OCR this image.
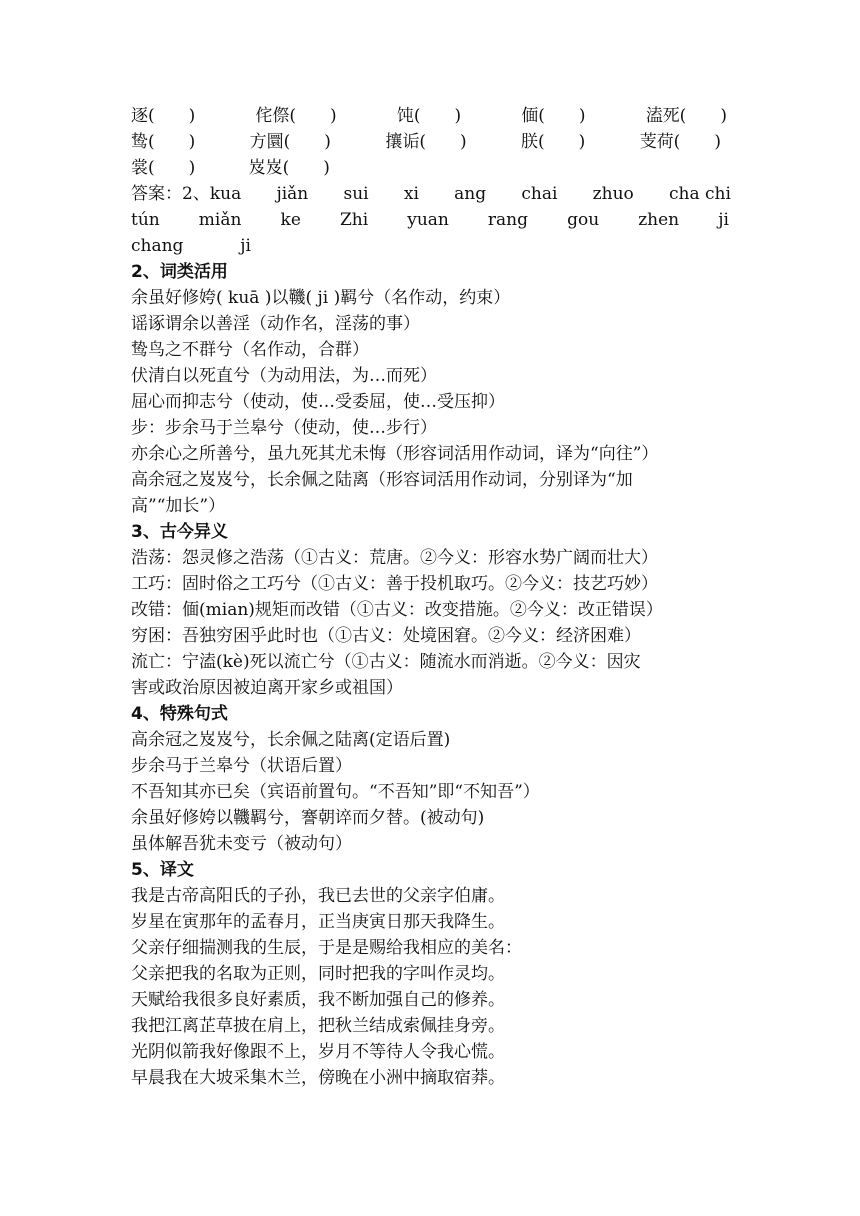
逐(　　)	侘傺(　　)	饨(　　)	偭(　　)	溘死(　　)
鸷(　　)	方圜(　　)	攘诟(　　)	朕(　　)	芰荷(　　)
裳(　　)	岌岌(　　)
答案：2、kua jiǎn sui xi ang chai zhuo cha chi
tún miǎn ke Zhi yuan rang gou zhen ji
chang	ji
2、词类活用
余虽好修姱( kuā )以鞿( ji )羁兮（名作动，约束）
谣诼谓余以善淫（动作名，淫荡的事）
鸷鸟之不群兮（名作动，合群）
伏清白以死直兮（为动用法，为…而死）
屈心而抑志兮（使动，使…受委屈，使…受压抑）
步：步余马于兰皋兮（使动，使…步行）
亦余心之所善兮，虽九死其尤未悔（形容词活用作动词，译为“向往”）
高余冠之岌岌兮，长余佩之陆离（形容词活用作动词，分别译为“加
高”“加长”）
3、古今异义
浩荡：怨灵修之浩荡（①古义：荒唐。②今义：形容水势广阔而壮大）
工巧：固时俗之工巧兮（①古义：善于投机取巧。②今义：技艺巧妙）
改错：偭(mian)规矩而改错（①古义：改变措施。②今义：改正错误）
穷困：吾独穷困乎此时也（①古义：处境困窘。②今义：经济困难）
流亡：宁溘(kè)死以流亡兮（①古义：随流水而消逝。②今义：因灾
害或政治原因被迫离开家乡或祖国）
4、特殊句式
高余冠之岌岌兮，长余佩之陆离(定语后置)
步余马于兰皋兮（状语后置）
不吾知其亦已矣（宾语前置句。“不吾知”即“不知吾”）
余虽好修姱以鞿羁兮，謇朝谇而夕替。(被动句)
虽体解吾犹未变亏（被动句）
5、译文
我是古帝高阳氏的子孙，我已去世的父亲字伯庸。
岁星在寅那年的孟春月，正当庚寅日那天我降生。
父亲仔细揣测我的生辰，于是是赐给我相应的美名：
父亲把我的名取为正则，同时把我的字叫作灵均。
天赋给我很多良好素质，我不断加强自己的修养。
我把江离芷草披在肩上，把秋兰结成索佩挂身旁。
光阴似箭我好像跟不上，岁月不等待人令我心慌。
早晨我在大坡采集木兰，傍晚在小洲中摘取宿莽。
